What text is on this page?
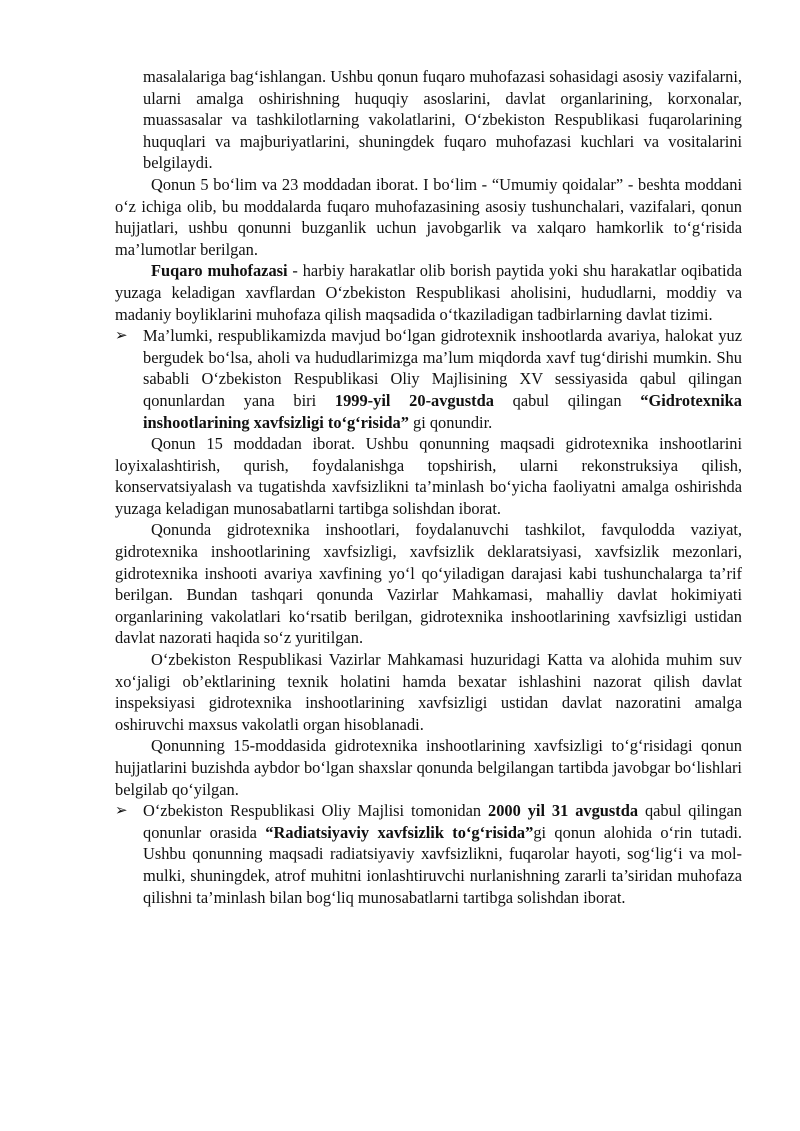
masalalariga bag‘ishlangan. Ushbu qonun fuqaro muhofazasi sohasidagi asosiy vazifalarni, ularni amalga oshirishning huquqiy asoslarini, davlat organlarining, korxonalar, muassasalar va tashkilotlarning vakolatlarini, O‘zbekiston Respublikasi fuqarolarining huquqlari va majburiyatlarini, shuningdek fuqaro muhofazasi kuchlari va vositalarini belgilaydi.

Qonun 5 bo‘lim va 23 moddadan iborat. I bo‘lim - “Umumiy qoidalar” - beshta moddani o‘z ichiga olib, bu moddalarda fuqaro muhofazasining asosiy tushunchalari, vazifalari, qonun hujjatlari, ushbu qonunni buzganlik uchun javobgarlik va xalqaro hamkorlik to‘g‘risida ma’lumotlar berilgan.

Fuqaro muhofazasi - harbiy harakatlar olib borish paytida yoki shu harakatlar oqibatida yuzaga keladigan xavflardan O‘zbekiston Respublikasi aholisini, hududlarni, moddiy va madaniy boyliklarini muhofaza qilish maqsadida o‘tkaziladigan tadbirlarning davlat tizimi.

➢ Ma’lumki, respublikamizda mavjud bo‘lgan gidrotexnik inshootlarda avariya, halokat yuz bergudek bo‘lsa, aholi va hududlarimizga ma’lum miqdorda xavf tug‘dirishi mumkin. Shu sababli O‘zbekiston Respublikasi Oliy Majlisining XV sessiyasida qabul qilingan qonunlardan yana biri 1999-yil 20-avgustda qabul qilingan “Gidrotexnika inshootlarining xavfsizligi to‘g‘risida” gi qonundir.

Qonun 15 moddadan iborat. Ushbu qonunning maqsadi gidrotexnika inshootlarini loyixalashtirish, qurish, foydalanishga topshirish, ularni rekonstruksiya qilish, konservatsiyalash va tugatishda xavfsizlikni ta’minlash bo‘yicha faoliyatni amalga oshirishda yuzaga keladigan munosabatlarni tartibga solishdan iborat.

Qonunda gidrotexnika inshootlari, foydalanuvchi tashkilot, favqulodda vaziyat, gidrotexnika inshootlarining xavfsizligi, xavfsizlik deklaratsiyasi, xavfsizlik mezonlari, gidrotexnika inshooti avariya xavfining yo‘l qo‘yiladigan darajasi kabi tushunchalarga ta’rif berilgan. Bundan tashqari qonunda Vazirlar Mahkamasi, mahalliy davlat hokimiyati organlarining vakolatlari ko‘rsatib berilgan, gidrotexnika inshootlarining xavfsizligi ustidan davlat nazorati haqida so‘z yuritilgan.

O‘zbekiston Respublikasi Vazirlar Mahkamasi huzuridagi Katta va alohida muhim suv xo‘jaligi ob’ektlarining texnik holatini hamda bexatar ishlashini nazorat qilish davlat inspeksiyasi gidrotexnika inshootlarining xavfsizligi ustidan davlat nazoratini amalga oshiruvchi maxsus vakolatli organ hisoblanadi.

Qonunning 15-moddasida gidrotexnika inshootlarining xavfsizligi to‘g‘risidagi qonun hujjatlarini buzishda aybdor bo‘lgan shaxslar qonunda belgilangan tartibda javobgar bo‘lishlari belgilab qo‘yilgan.

➢ O‘zbekiston Respublikasi Oliy Majlisi tomonidan 2000 yil 31 avgustda qabul qilingan qonunlar orasida “Radiatsiyaviy xavfsizlik to‘g‘risida”gi qonun alohida o‘rin tutadi. Ushbu qonunning maqsadi radiatsiyaviy xavfsizlikni, fuqarolar hayoti, sog‘lig‘i va mol-mulki, shuningdek, atrof muhitni ionlashtiruvchi nurlanishning zararli ta’siridan muhofaza qilishni ta’minlash bilan bog‘liq munosabatlarni tartibga solishdan iborat.
